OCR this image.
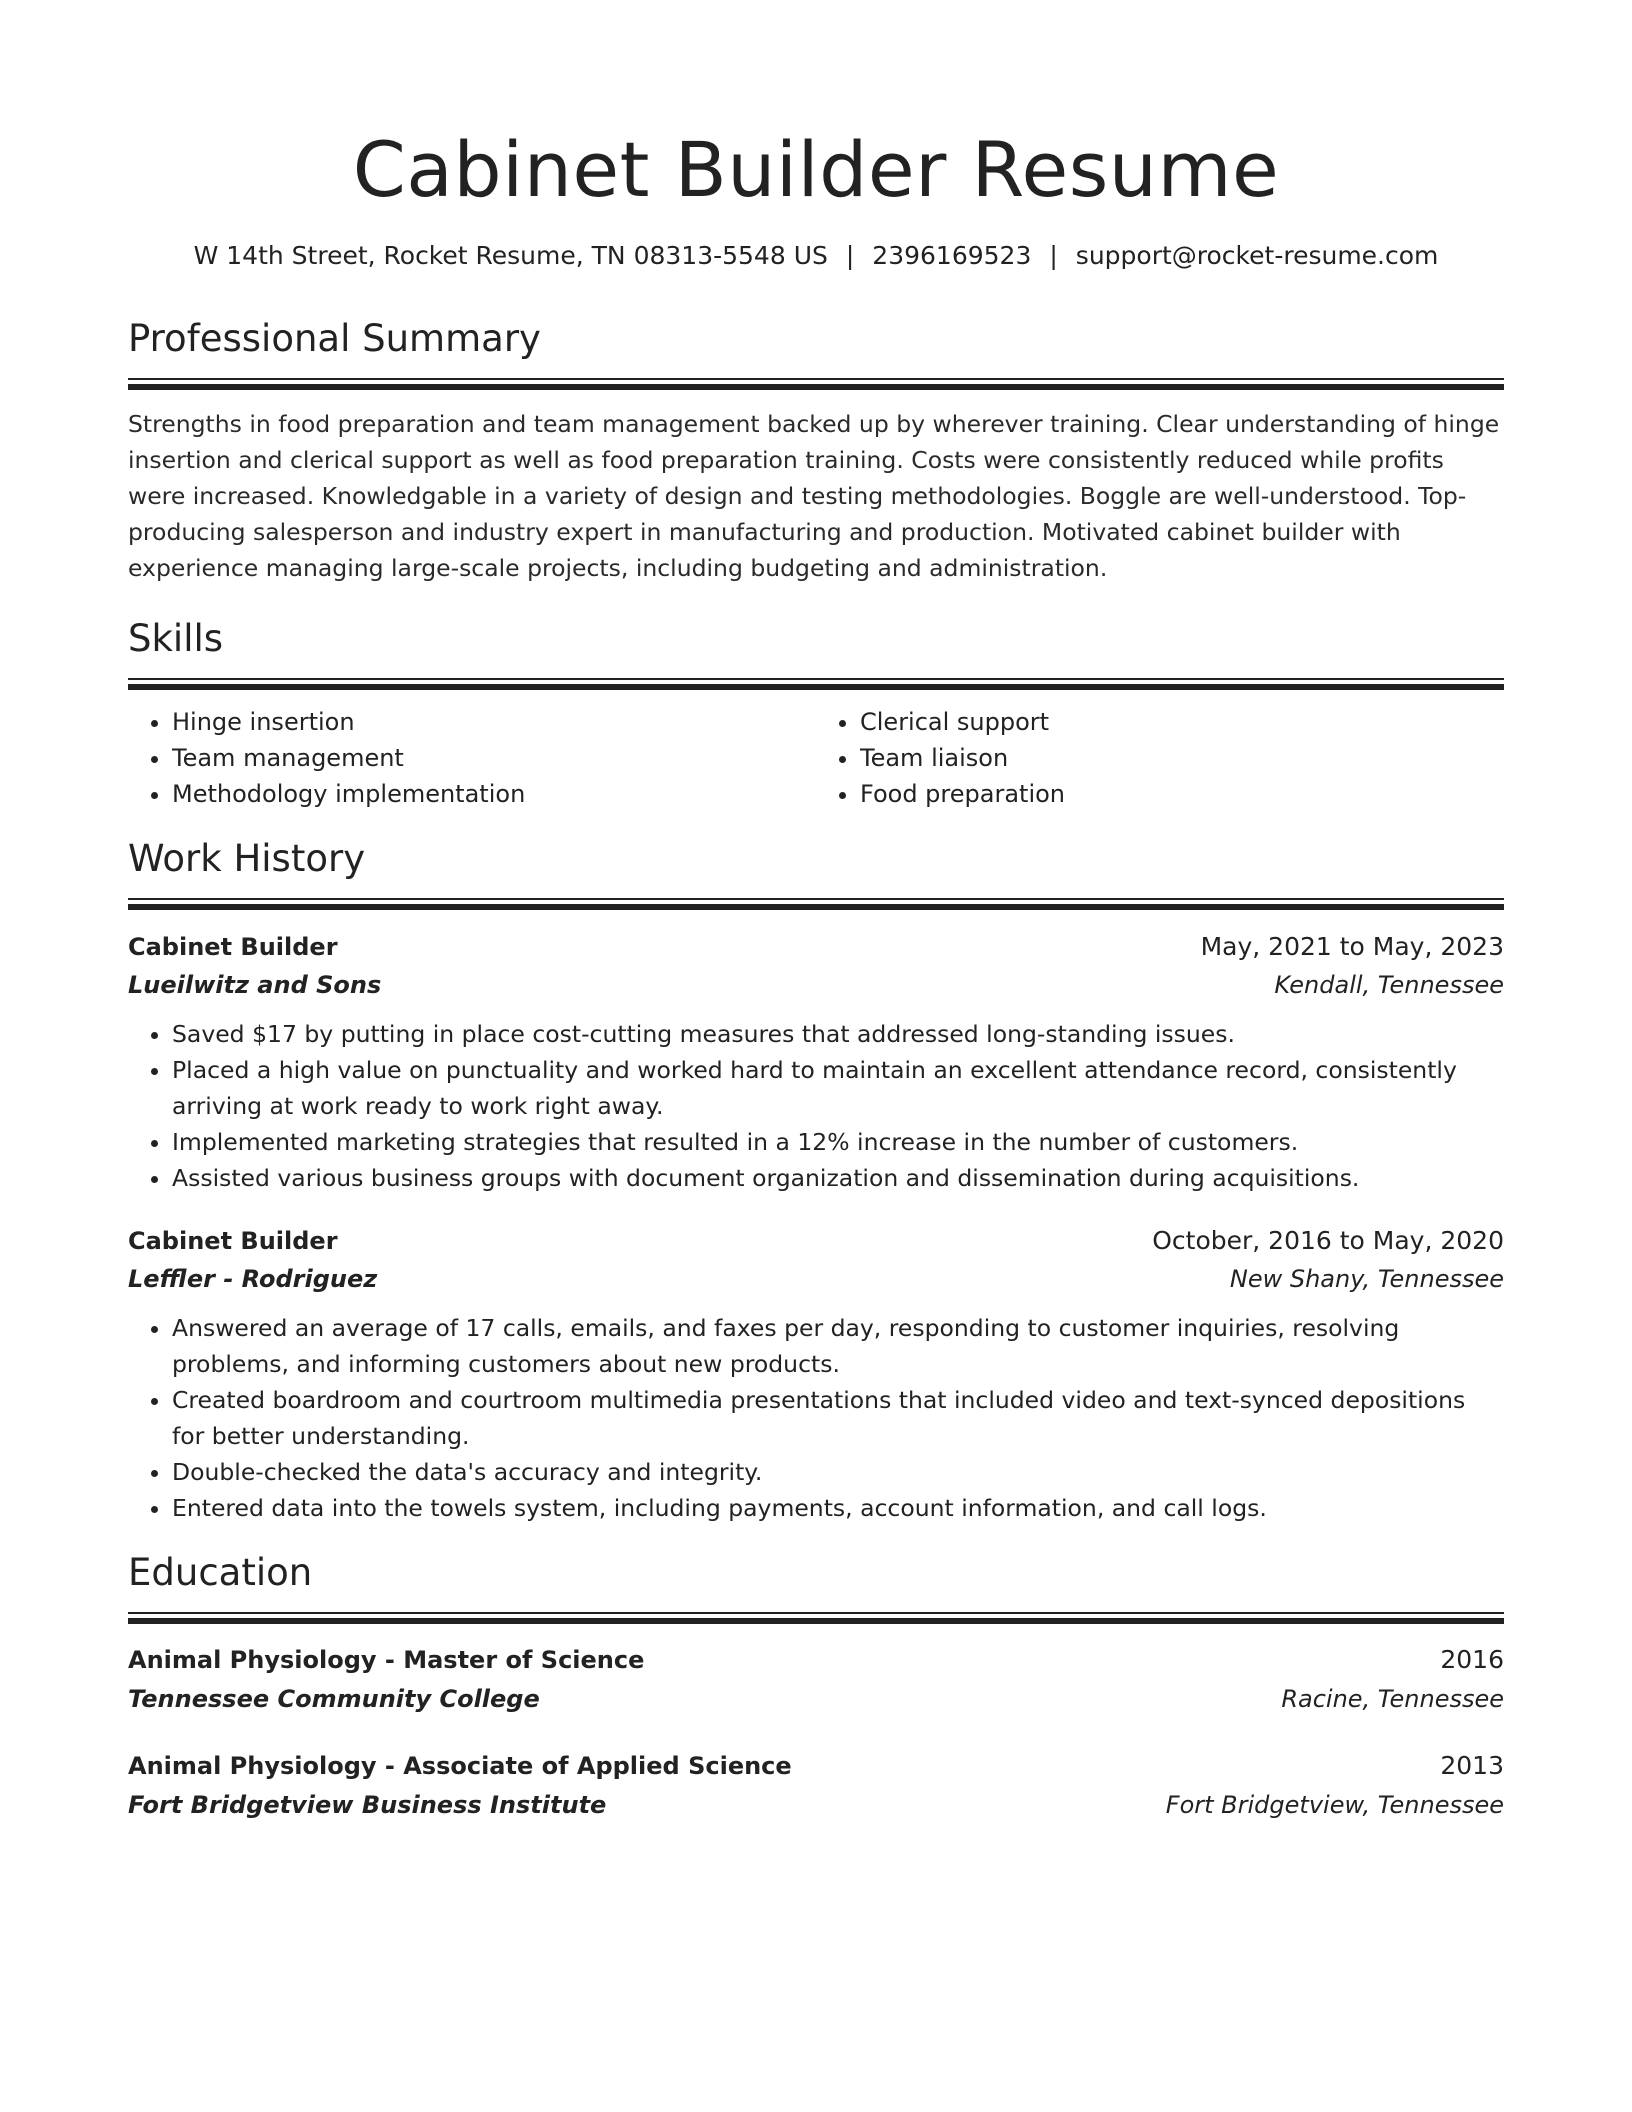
Cabinet Builder Resume
W 14th Street, Rocket Resume, TN 08313-5548 US | 2396169523 | support@rocket-resume.com
Professional Summary
Strengths in food preparation and team management backed up by wherever training. Clear understanding of hinge insertion and clerical support as well as food preparation training. Costs were consistently reduced while profits were increased. Knowledgable in a variety of design and testing methodologies. Boggle are well-understood. Top-producing salesperson and industry expert in manufacturing and production. Motivated cabinet builder with experience managing large-scale projects, including budgeting and administration.
Skills
• Hinge insertion
• Team management
• Methodology implementation
• Clerical support
• Team liaison
• Food preparation
Work History
Cabinet Builder	May, 2021 to May, 2023
Lueilwitz and Sons	Kendall, Tennessee
• Saved $17 by putting in place cost-cutting measures that addressed long-standing issues.
• Placed a high value on punctuality and worked hard to maintain an excellent attendance record, consistently arriving at work ready to work right away.
• Implemented marketing strategies that resulted in a 12% increase in the number of customers.
• Assisted various business groups with document organization and dissemination during acquisitions.
Cabinet Builder	October, 2016 to May, 2020
Leffler - Rodriguez	New Shany, Tennessee
• Answered an average of 17 calls, emails, and faxes per day, responding to customer inquiries, resolving problems, and informing customers about new products.
• Created boardroom and courtroom multimedia presentations that included video and text-synced depositions for better understanding.
• Double-checked the data's accuracy and integrity.
• Entered data into the towels system, including payments, account information, and call logs.
Education
Animal Physiology - Master of Science	2016
Tennessee Community College	Racine, Tennessee
Animal Physiology - Associate of Applied Science	2013
Fort Bridgetview Business Institute	Fort Bridgetview, Tennessee
